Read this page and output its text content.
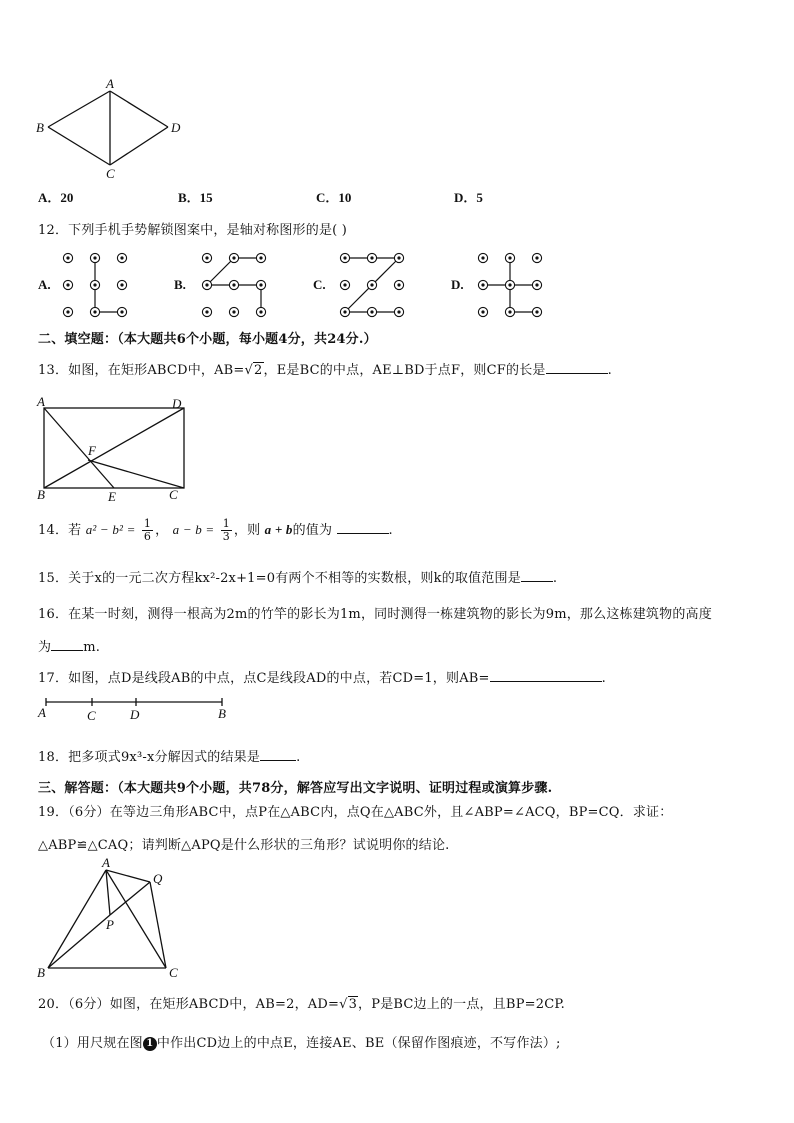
A
B
C
D
A．20	B．15	C．10	D．5
12．下列手机手势解锁图案中，是轴对称图形的是( )
A.	B.	C.	D.
二、填空题：（本大题共6个小题，每小题4分，共24分.）
13．如图，在矩形ABCD中，AB=√2，E是BC的中点，AE⊥BD于点F，则CF的长是	.
A	D
F
B	E	C
14．若 $a^2 - b^2 = \frac{1}{6}$ ， $a - b = \frac{1}{3}$ ，则 a + b的值为	.
15．关于x的一元二次方程kx²-2x+1=0有两个不相等的实数根，则k的取值范围是 .
16．在某一时刻，测得一根高为2m的竹竿的影长为1m，同时测得一栋建筑物的影长为9m，那么这栋建筑物的高度
为 m.
17．如图，点D是线段AB的中点，点C是线段AD的中点，若CD=1，则AB=	.
A	C	D	B
18．把多项式9x³-x分解因式的结果是	.
三、解答题：（本大题共9个小题，共78分，解答应写出文字说明、证明过程或演算步骤.
19．（6分）在等边三角形ABC中，点P在△ABC内，点Q在△ABC外，且∠ABP=∠ACQ，BP=CQ．求证：
△ABP≌△CAQ；请判断△APQ是什么形状的三角形？试说明你的结论.
A
Q
P
B	C
20．（6分）如图，在矩形ABCD中，AB=2，AD=√3，P是BC边上的一点，且BP=2CP.
（1）用尺规在图 1 中作出CD边上的中点E，连接AE、BE（保留作图痕迹，不写作法）;
